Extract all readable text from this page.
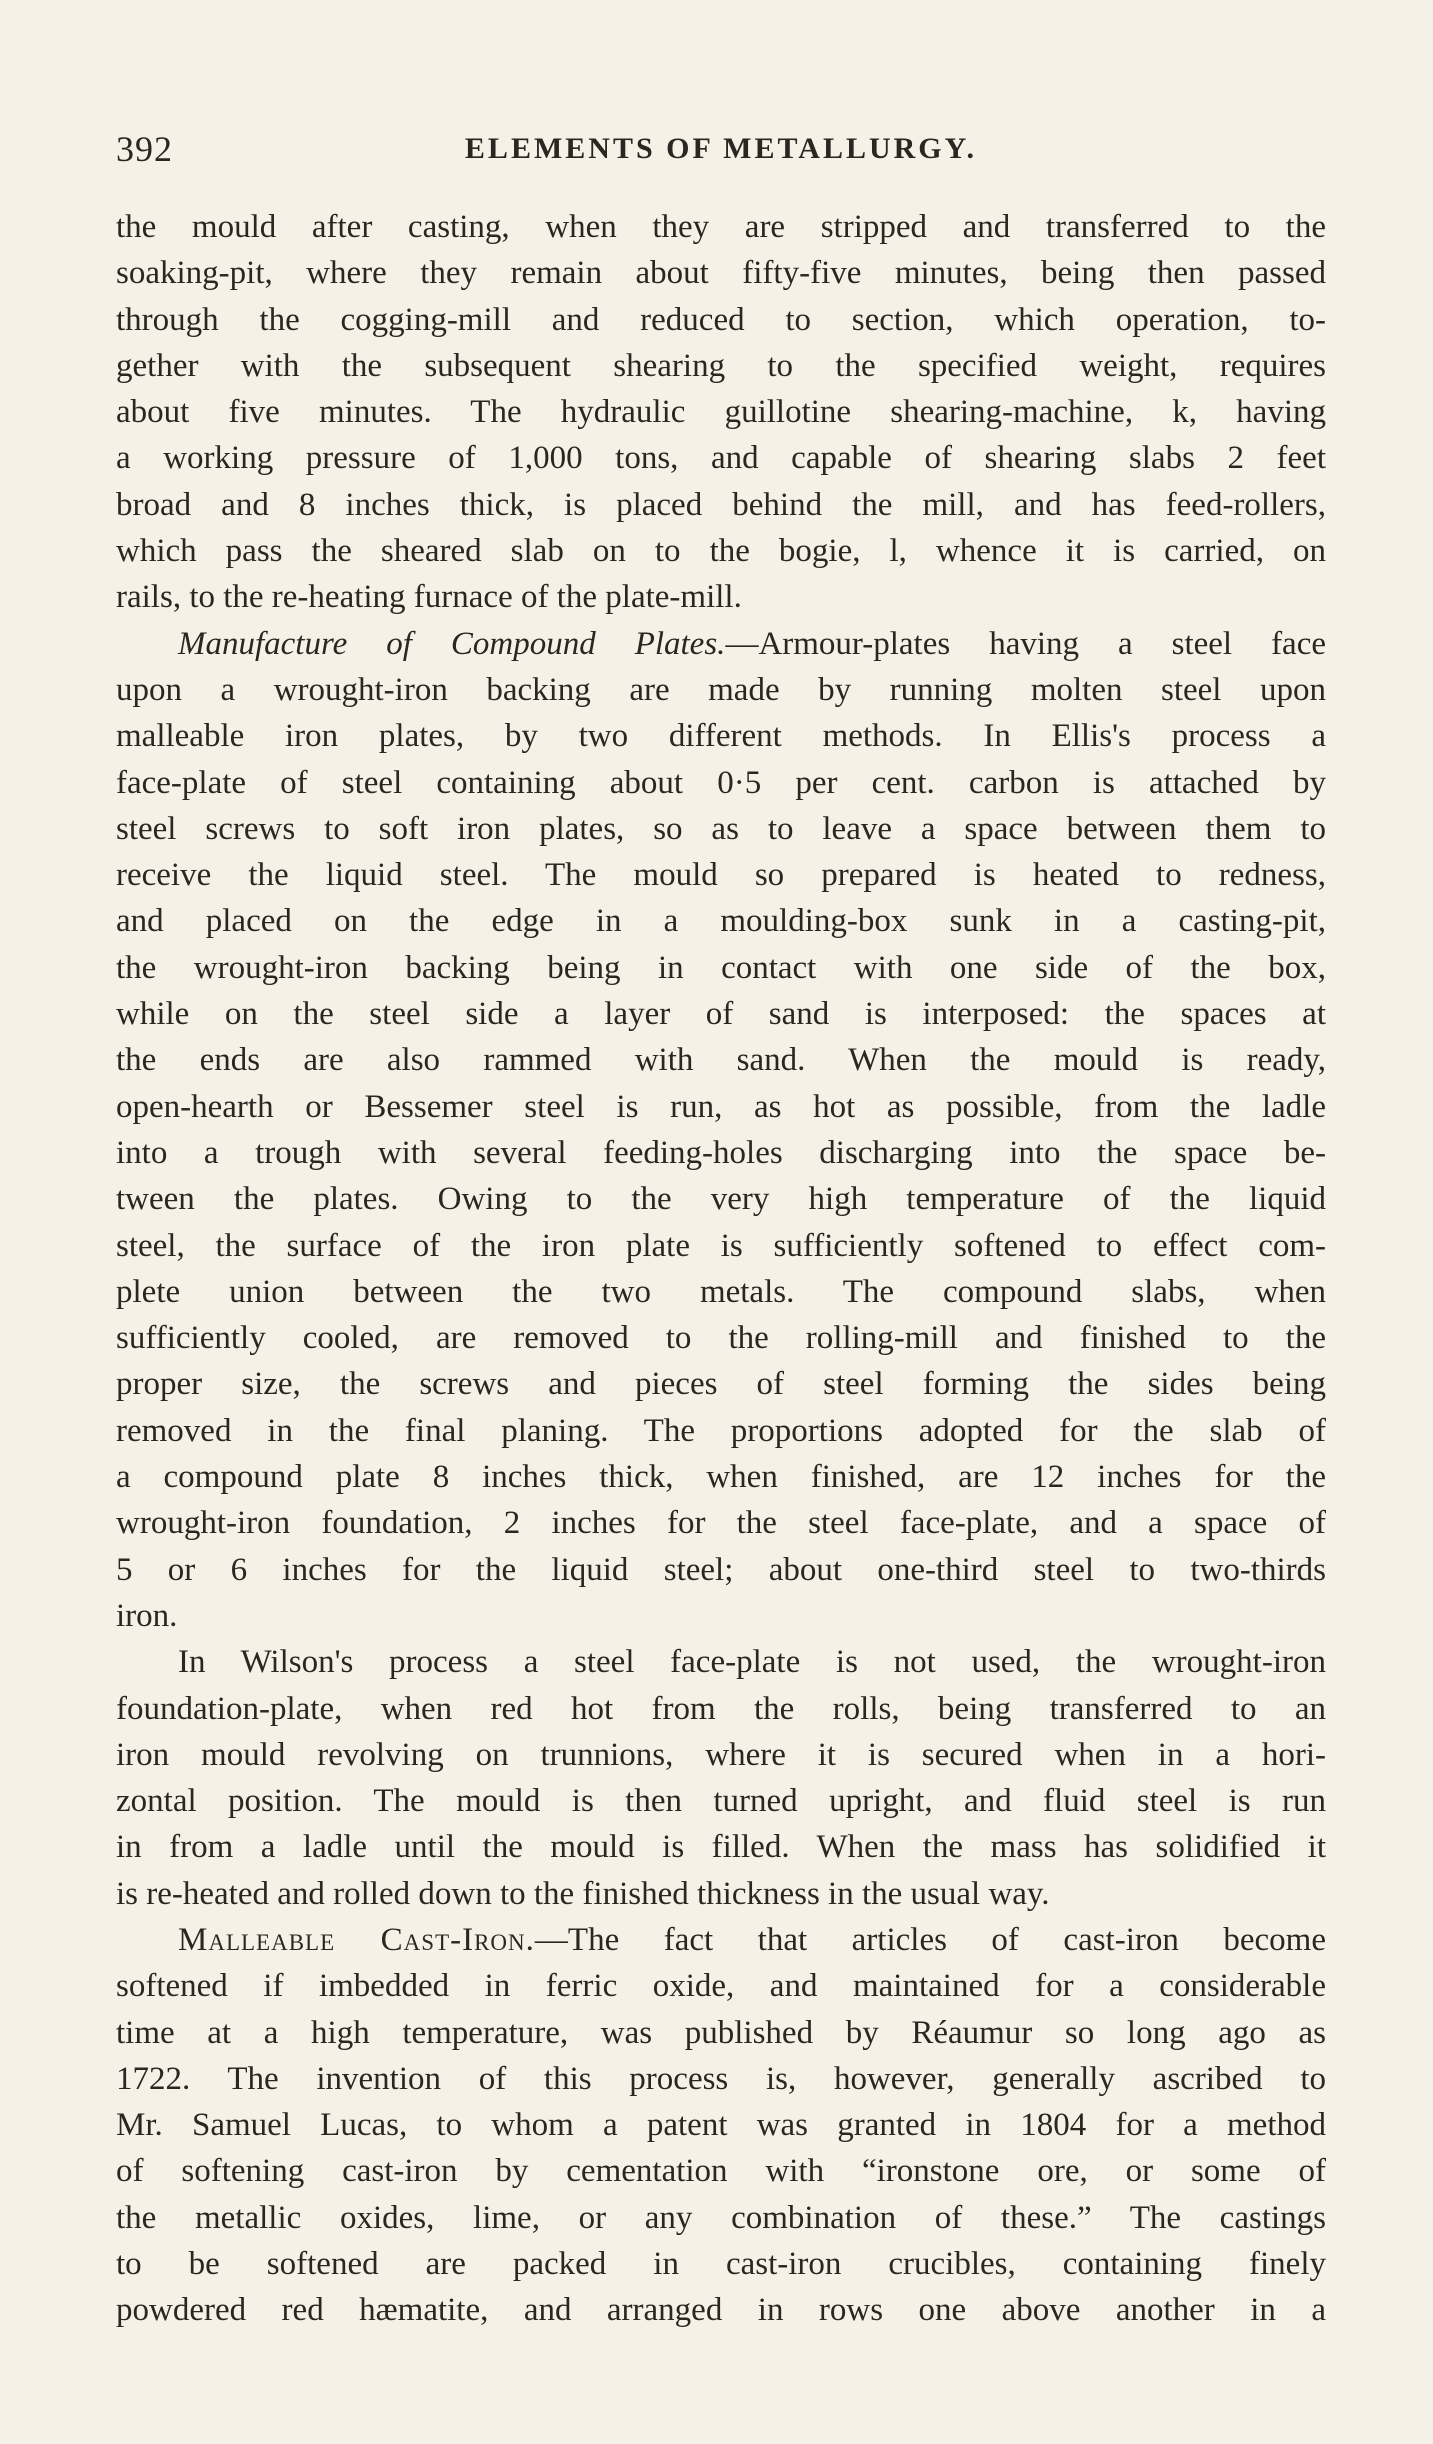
392	ELEMENTS OF METALLURGY.
the mould after casting, when they are stripped and transferred to the
soaking-pit, where they remain about fifty-five minutes, being then passed
through the cogging-mill and reduced to section, which operation, to-
gether with the subsequent shearing to the specified weight, requires
about five minutes. The hydraulic guillotine shearing-machine, k, having
a working pressure of 1,000 tons, and capable of shearing slabs 2 feet
broad and 8 inches thick, is placed behind the mill, and has feed-rollers,
which pass the sheared slab on to the bogie, l, whence it is carried, on
rails, to the re-heating furnace of the plate-mill.
Manufacture of Compound Plates.—Armour-plates having a steel face
upon a wrought-iron backing are made by running molten steel upon
malleable iron plates, by two different methods. In Ellis's process a
face-plate of steel containing about 0·5 per cent. carbon is attached by
steel screws to soft iron plates, so as to leave a space between them to
receive the liquid steel. The mould so prepared is heated to redness,
and placed on the edge in a moulding-box sunk in a casting-pit,
the wrought-iron backing being in contact with one side of the box,
while on the steel side a layer of sand is interposed: the spaces at
the ends are also rammed with sand. When the mould is ready,
open-hearth or Bessemer steel is run, as hot as possible, from the ladle
into a trough with several feeding-holes discharging into the space be-
tween the plates. Owing to the very high temperature of the liquid
steel, the surface of the iron plate is sufficiently softened to effect com-
plete union between the two metals. The compound slabs, when
sufficiently cooled, are removed to the rolling-mill and finished to the
proper size, the screws and pieces of steel forming the sides being
removed in the final planing. The proportions adopted for the slab of
a compound plate 8 inches thick, when finished, are 12 inches for the
wrought-iron foundation, 2 inches for the steel face-plate, and a space of
5 or 6 inches for the liquid steel; about one-third steel to two-thirds
iron.
In Wilson's process a steel face-plate is not used, the wrought-iron
foundation-plate, when red hot from the rolls, being transferred to an
iron mould revolving on trunnions, where it is secured when in a hori-
zontal position. The mould is then turned upright, and fluid steel is run
in from a ladle until the mould is filled. When the mass has solidified it
is re-heated and rolled down to the finished thickness in the usual way.
Malleable Cast-Iron.—The fact that articles of cast-iron become
softened if imbedded in ferric oxide, and maintained for a considerable
time at a high temperature, was published by Réaumur so long ago as
1722. The invention of this process is, however, generally ascribed to
Mr. Samuel Lucas, to whom a patent was granted in 1804 for a method
of softening cast-iron by cementation with “ironstone ore, or some of
the metallic oxides, lime, or any combination of these.” The castings
to be softened are packed in cast-iron crucibles, containing finely
powdered red hæmatite, and arranged in rows one above another in a
